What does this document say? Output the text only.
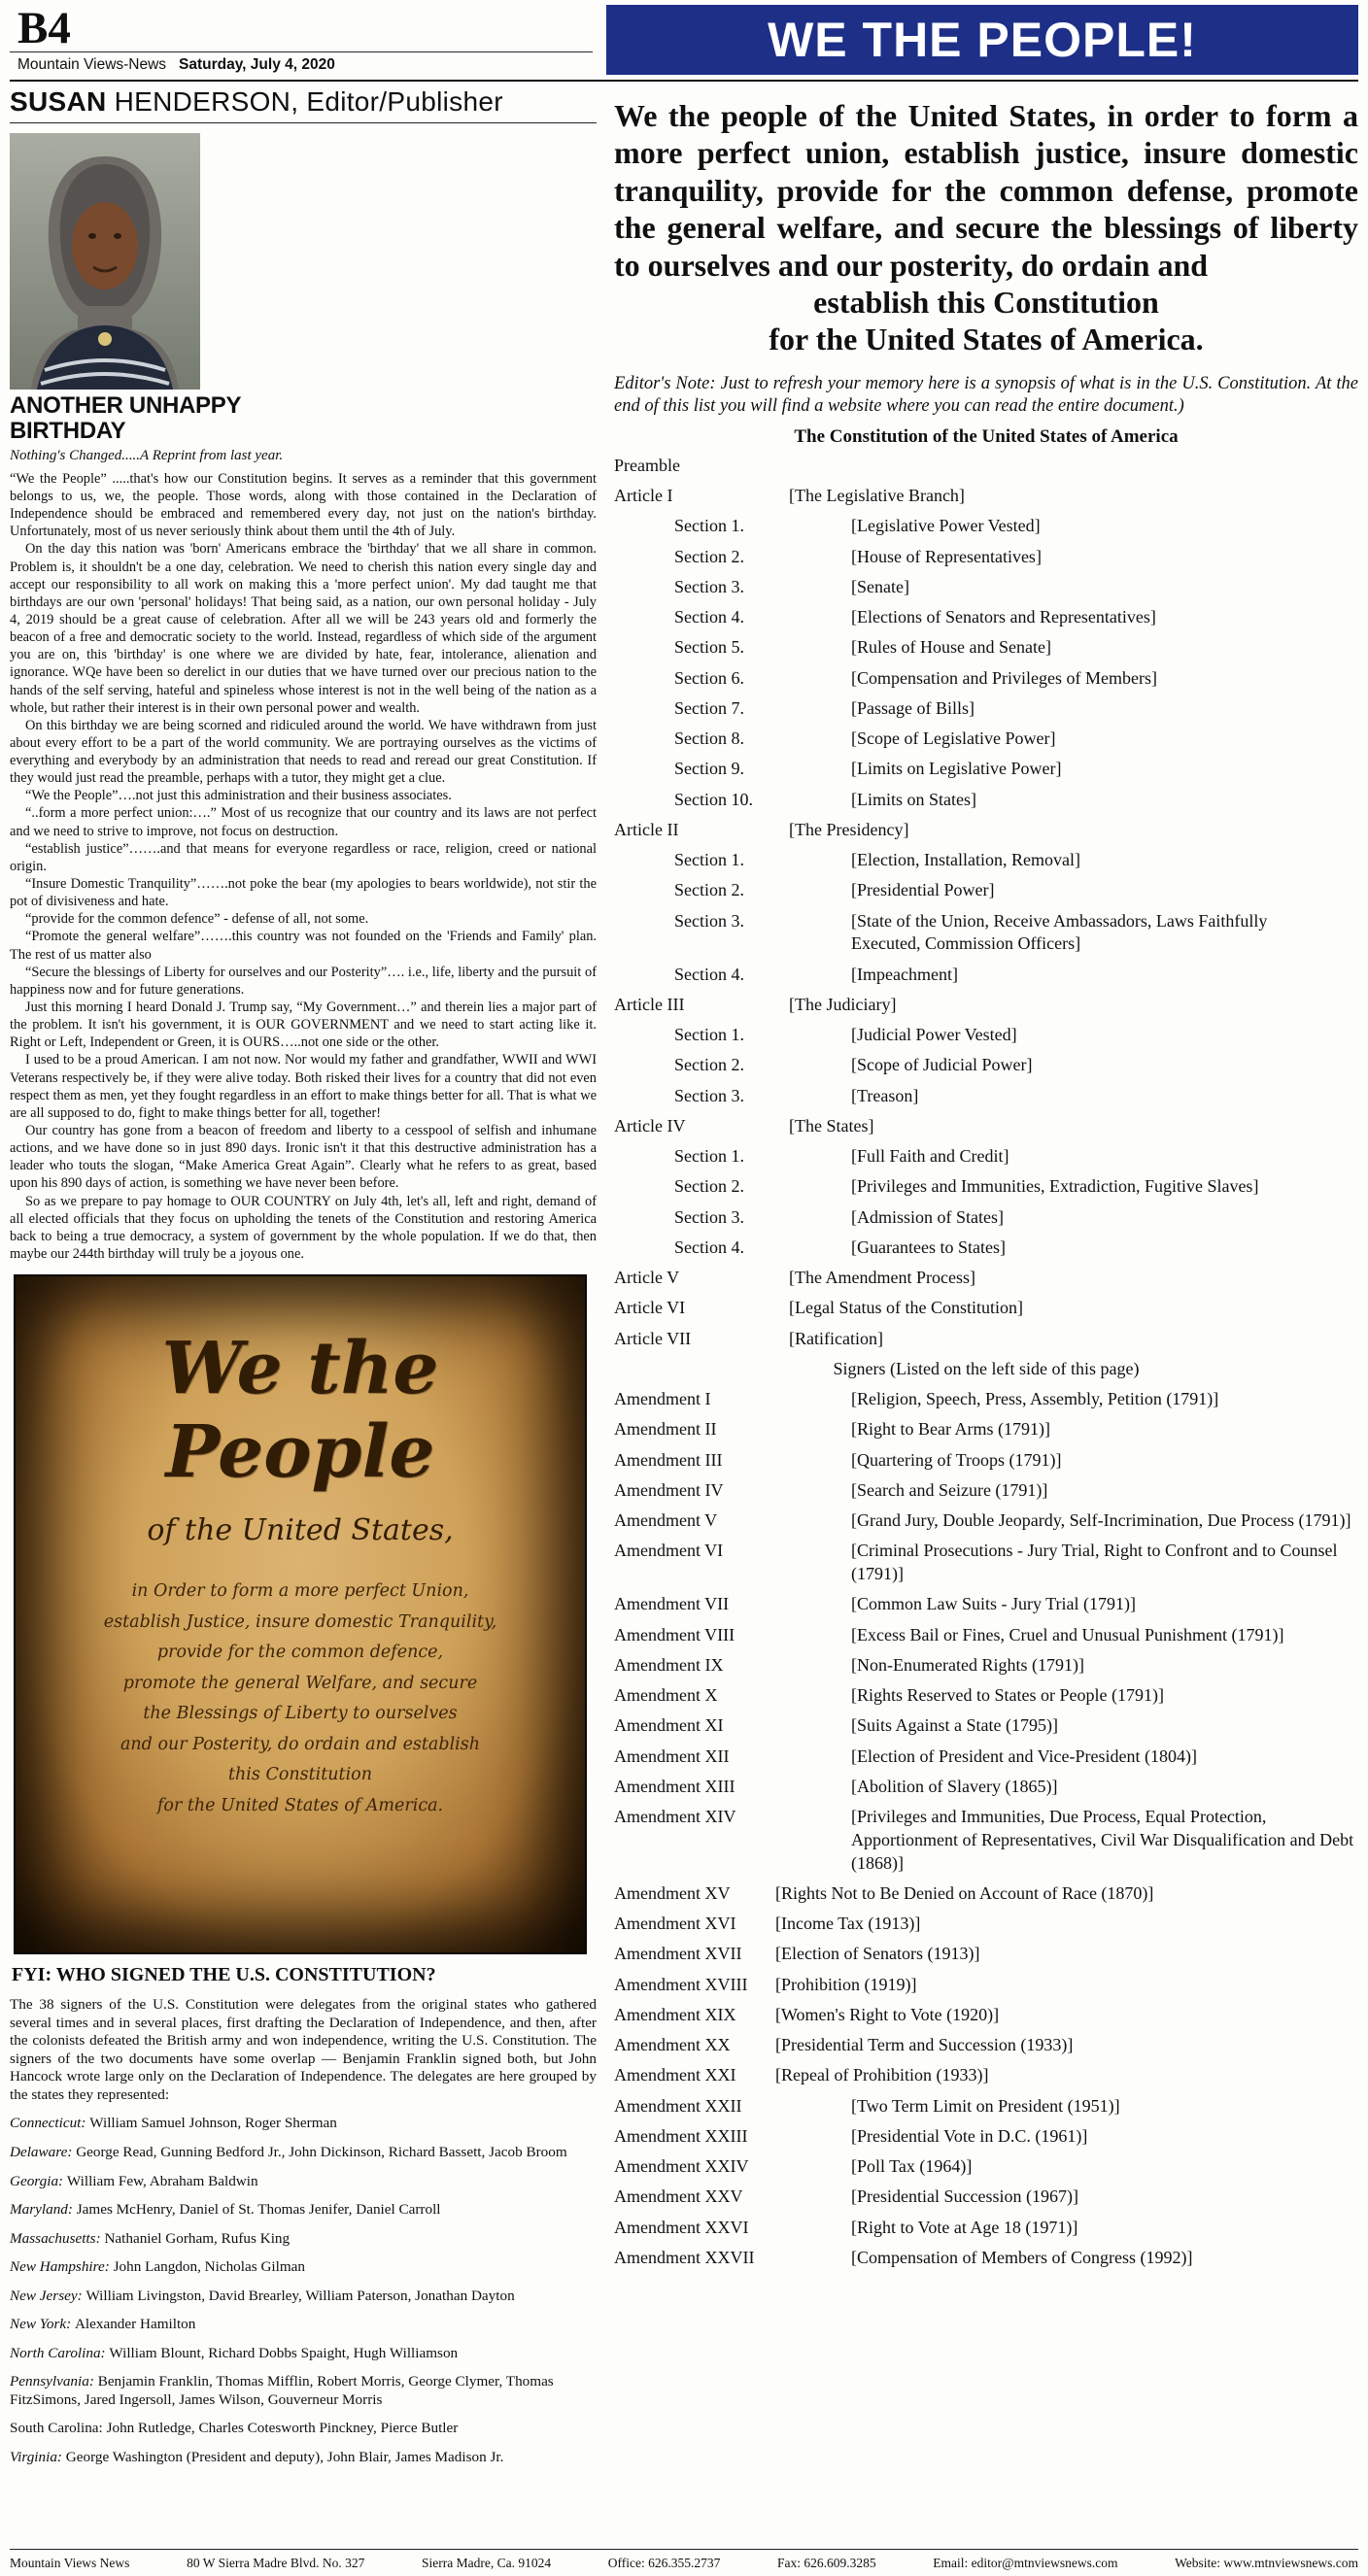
B4
Mountain Views-News Saturday, July 4, 2020	WE THE PEOPLE!
SUSAN HENDERSON, Editor/Publisher
ANOTHER UNHAPPY BIRTHDAY
Nothing's Changed.....A Reprint from last year.

“We the People” .....that's how our Constitution begins. It serves as a reminder that this government belongs to us, we, the people. Those words, along with those contained in the Declaration of Independence should be embraced and remembered every day, not just on the nation's birthday. Unfortunately, most of us never seriously think about them until the 4th of July.

On the day this nation was 'born' Americans embrace the 'birthday' that we all share in common. Problem is, it shouldn't be a one day, celebration. We need to cherish this nation every single day and accept our responsibility to all work on making this a 'more perfect union'. My dad taught me that birthdays are our own 'personal' holidays! That being said, as a nation, our own personal holiday - July 4, 2019 should be a great cause of celebration. After all we will be 243 years old and formerly the beacon of a free and democratic society to the world. Instead, regardless of which side of the argument you are on, this 'birthday' is one where we are divided by hate, fear, intolerance, alienation and ignorance. WQe have been so derelict in our duties that we have turned over our precious nation to the hands of the self serving, hateful and spineless whose interest is not in the well being of the nation as a whole, but rather their interest is in their own personal power and wealth.

On this birthday we are being scorned and ridiculed around the world. We have withdrawn from just about every effort to be a part of the world community. We are portraying ourselves as the victims of everything and everybody by an administration that needs to read and reread our great Constitution. If they would just read the preamble, perhaps with a tutor, they might get a clue.

“We the People”….not just this administration and their business associates.

“..form a more perfect union:….” Most of us recognize that our country and its laws are not perfect and we need to strive to improve, not focus on destruction.

“establish justice”…….and that means for everyone regardless or race, religion, creed or national origin.

“Insure Domestic Tranquility”…….not poke the bear (my apologies to bears worldwide), not stir the pot of divisiveness and hate.

“provide for the common defence” - defense of all, not some.

“Promote the general welfare”…….this country was not founded on the 'Friends and Family' plan. The rest of us matter also

“Secure the blessings of Liberty for ourselves and our Posterity”…. i.e., life, liberty and the pursuit of happiness now and for future generations.

Just this morning I heard Donald J. Trump say, “My Government…” and therein lies a major part of the problem. It isn't his government, it is OUR GOVERNMENT and we need to start acting like it. Right or Left, Independent or Green, it is OURS…..not one side or the other.

I used to be a proud American. I am not now. Nor would my father and grandfather, WWII and WWI Veterans respectively be, if they were alive today. Both risked their lives for a country that did not even respect them as men, yet they fought regardless in an effort to make things better for all. That is what we are all supposed to do, fight to make things better for all, together!

Our country has gone from a beacon of freedom and liberty to a cesspool of selfish and inhumane actions, and we have done so in just 890 days. Ironic isn't it that this destructive administration has a leader who touts the slogan, “Make America Great Again”. Clearly what he refers to as great, based upon his 890 days of action, is something we have never been before.

So as we prepare to pay homage to OUR COUNTRY on July 4th, let's all, left and right, demand of all elected officials that they focus on upholding the tenets of the Constitution and restoring America back to being a true democracy, a system of government by the whole population. If we do that, then maybe our 244th birthday will truly be a joyous one.

We the People
of the United States,
in Order to form a more perfect Union,
establish Justice, insure domestic Tranquility,
provide for the common defence,
promote the general Welfare, and secure
the Blessings of Liberty to ourselves
and our Posterity, do ordain and establish
this Constitution
for the United States of America.
FYI: WHO SIGNED THE U.S. CONSTITUTION?

The 38 signers of the U.S. Constitution were delegates from the original states who gathered several times and in several places, first drafting the Declaration of Independence, and then, after the colonists defeated the British army and won independence, writing the U.S. Constitution. The signers of the two documents have some overlap — Benjamin Franklin signed both, but John Hancock wrote large only on the Declaration of Independence. The delegates are here grouped by the states they represented:

Connecticut: William Samuel Johnson, Roger Sherman
Delaware: George Read, Gunning Bedford Jr., John Dickinson, Richard Bassett, Jacob Broom
Georgia: William Few, Abraham Baldwin
Maryland: James McHenry, Daniel of St. Thomas Jenifer, Daniel Carroll
Massachusetts: Nathaniel Gorham, Rufus King
New Hampshire: John Langdon, Nicholas Gilman
New Jersey: William Livingston, David Brearley, William Paterson, Jonathan Dayton
New York: Alexander Hamilton
North Carolina: William Blount, Richard Dobbs Spaight, Hugh Williamson
Pennsylvania: Benjamin Franklin, Thomas Mifflin, Robert Morris, George Clymer, Thomas FitzSimons, Jared Ingersoll, James Wilson, Gouverneur Morris
South Carolina: John Rutledge, Charles Cotesworth Pinckney, Pierce Butler
Virginia: George Washington (President and deputy), John Blair, James Madison Jr.

We the people of the United States, in order to form a more perfect union, establish justice, insure domestic tranquility, provide for the common defense, promote the general welfare, and secure the blessings of liberty to ourselves and our posterity, do ordain and

establish this Constitution
for the United States of America.

Editor's Note: Just to refresh your memory here is a synopsis of what is in the U.S. Constitution. At the end of this list you will find a website where you can read the entire document.)

The Constitution of the United States of America
Preamble
Article I	[The Legislative Branch]
Section 1.	[Legislative Power Vested]
Section 2.	[House of Representatives]
Section 3.	[Senate]
Section 4.	[Elections of Senators and Representatives]
Section 5.	[Rules of House and Senate]
Section 6.	[Compensation and Privileges of Members]
Section 7.	[Passage of Bills]
Section 8.	[Scope of Legislative Power]
Section 9.	[Limits on Legislative Power]
Section 10.	[Limits on States]
Article II	[The Presidency]
Section 1.	[Election, Installation, Removal]
Section 2.	[Presidential Power]
Section 3.	[State of the Union, Receive Ambassadors, Laws Faithfully Executed, Commission Officers]
Section 4.	[Impeachment]
Article III	[The Judiciary]
Section 1.	[Judicial Power Vested]
Section 2.	[Scope of Judicial Power]
Section 3.	[Treason]
Article IV	[The States]
Section 1.	[Full Faith and Credit]
Section 2.	[Privileges and Immunities, Extradiction, Fugitive Slaves]
Section 3.	[Admission of States]
Section 4.	[Guarantees to States]
Article V	[The Amendment Process]
Article VI	[Legal Status of the Constitution]
Article VII	[Ratification]
Signers (Listed on the left side of this page)
Amendment I	[Religion, Speech, Press, Assembly, Petition (1791)]
Amendment II	[Right to Bear Arms (1791)]
Amendment III	[Quartering of Troops (1791)]
Amendment IV	[Search and Seizure (1791)]
Amendment V	[Grand Jury, Double Jeopardy, Self-Incrimination, Due Process (1791)]
Amendment VI	[Criminal Prosecutions - Jury Trial, Right to Confront and to Counsel (1791)]
Amendment VII	[Common Law Suits - Jury Trial (1791)]
Amendment VIII	[Excess Bail or Fines, Cruel and Unusual Punishment (1791)]
Amendment IX	[Non-Enumerated Rights (1791)]
Amendment X	[Rights Reserved to States or People (1791)]
Amendment XI	[Suits Against a State (1795)]
Amendment XII	[Election of President and Vice-President (1804)]
Amendment XIII	[Abolition of Slavery (1865)]
Amendment XIV	[Privileges and Immunities, Due Process, Equal Protection, Apportionment of Representatives, Civil War Disqualification and Debt (1868)]
Amendment XV	[Rights Not to Be Denied on Account of Race (1870)]
Amendment XVI	[Income Tax (1913)]
Amendment XVII	[Election of Senators (1913)]
Amendment XVIII	[Prohibition (1919)]
Amendment XIX	[Women's Right to Vote (1920)]
Amendment XX	[Presidential Term and Succession (1933)]
Amendment XXI	[Repeal of Prohibition (1933)]
Amendment XXII	[Two Term Limit on President (1951)]
Amendment XXIII	[Presidential Vote in D.C. (1961)]
Amendment XXIV	[Poll Tax (1964)]
Amendment XXV	[Presidential Succession (1967)]
Amendment XXVI	[Right to Vote at Age 18 (1971)]
Amendment XXVII	[Compensation of Members of Congress (1992)]
Mountain Views News	80 W Sierra Madre Blvd. No. 327	Sierra Madre, Ca. 91024	Office: 626.355.2737	Fax: 626.609.3285	Email: editor@mtnviewsnews.com	Website: www.mtnviewsnews.com
